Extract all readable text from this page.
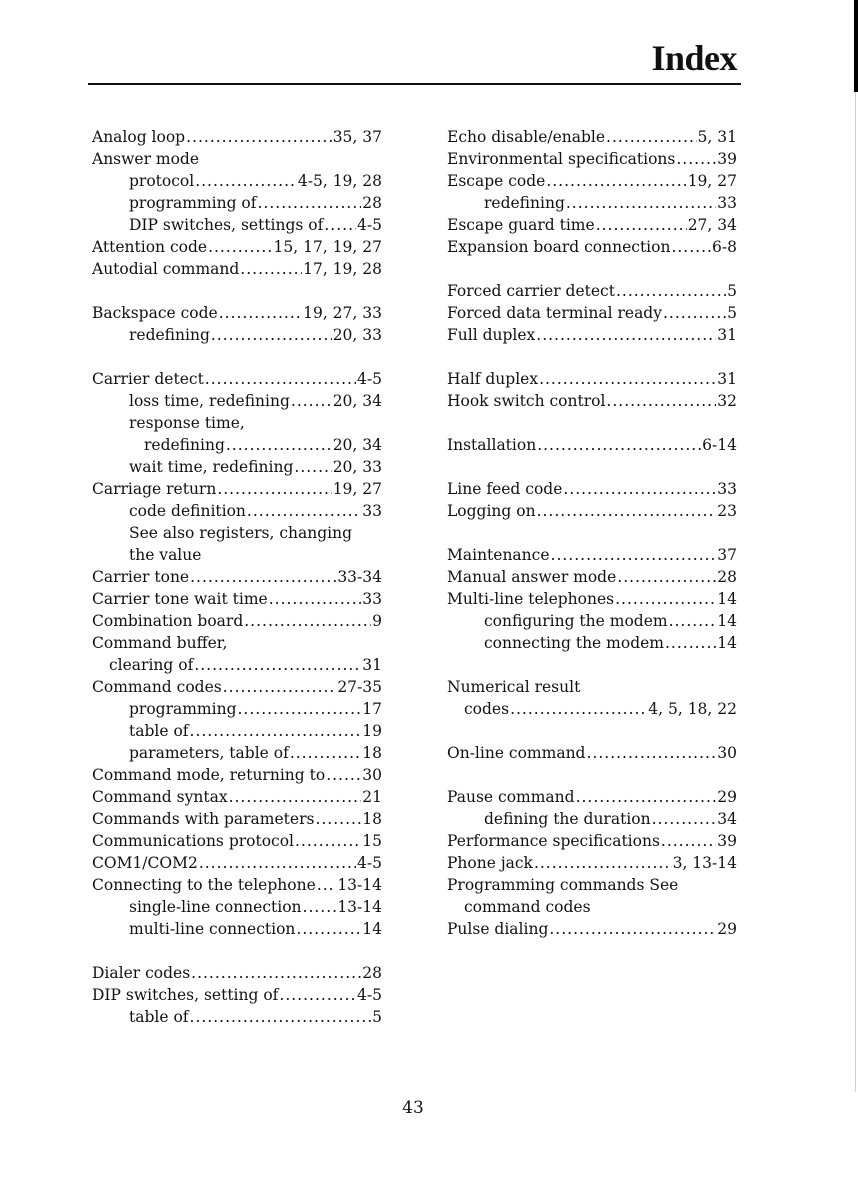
Index
Analog loop .....	35, 37
Answer mode
protocol .....	4-5, 19, 28
programming of .....	28
DIP switches, settings of ..... 4-5
Attention code .....	15, 17, 19, 27
Autodial command .....	17, 19, 28
Backspace code .....	19, 27, 33
redefining .....	20, 33
Carrier detect .....	4-5
loss time, redefining .....	20, 34
response time,
redefining .....	20, 34
wait time, redefining .....	20, 33
Carriage return .....	19, 27
code definition .....	33
See also registers, changing
the value
Carrier tone .....	33-34
Carrier tone wait time .....	33
Combination board .....	9
Command buffer,
clearing of .....	31
Command codes .....	27-35
programming .....	17
table of .....	19
parameters, table of .....	18
Command mode, returning to ..... 30
Command syntax .....	21
Commands with parameters .....	18
Communications protocol .....	15
COM1/COM2 .....	4-5
Connecting to the telephone ..... 13-14
single-line connection ..... 13-14
multi-line connection .....	14
Dialer codes .....	28
DIP switches, setting of .....	4-5
table of .....	5
Echo disable/enable .....	5, 31
Environmental specifications .....	39
Escape code .....	19, 27
redefining .....	33
Escape guard time .....	27, 34
Expansion board connection .....	6-8
Forced carrier detect .....	5
Forced data terminal ready .....	5
Full duplex .....	31
Half duplex .....	31
Hook switch control .....	32
Installation .....	6-14
Line feed code .....	33
Logging on .....	23
Maintenance .....	37
Manual answer mode .....	28
Multi-line telephones .....	14
configuring the modem .....	14
connecting the modem .....	14
Numerical result
codes .....	4, 5, 18, 22
On-line command .....	30
Pause command .....	29
defining the duration .....	34
Performance specifications .....	39
Phone jack .....	3, 13-14
Programming commands See
command codes
Pulse dialing .....	29
43
